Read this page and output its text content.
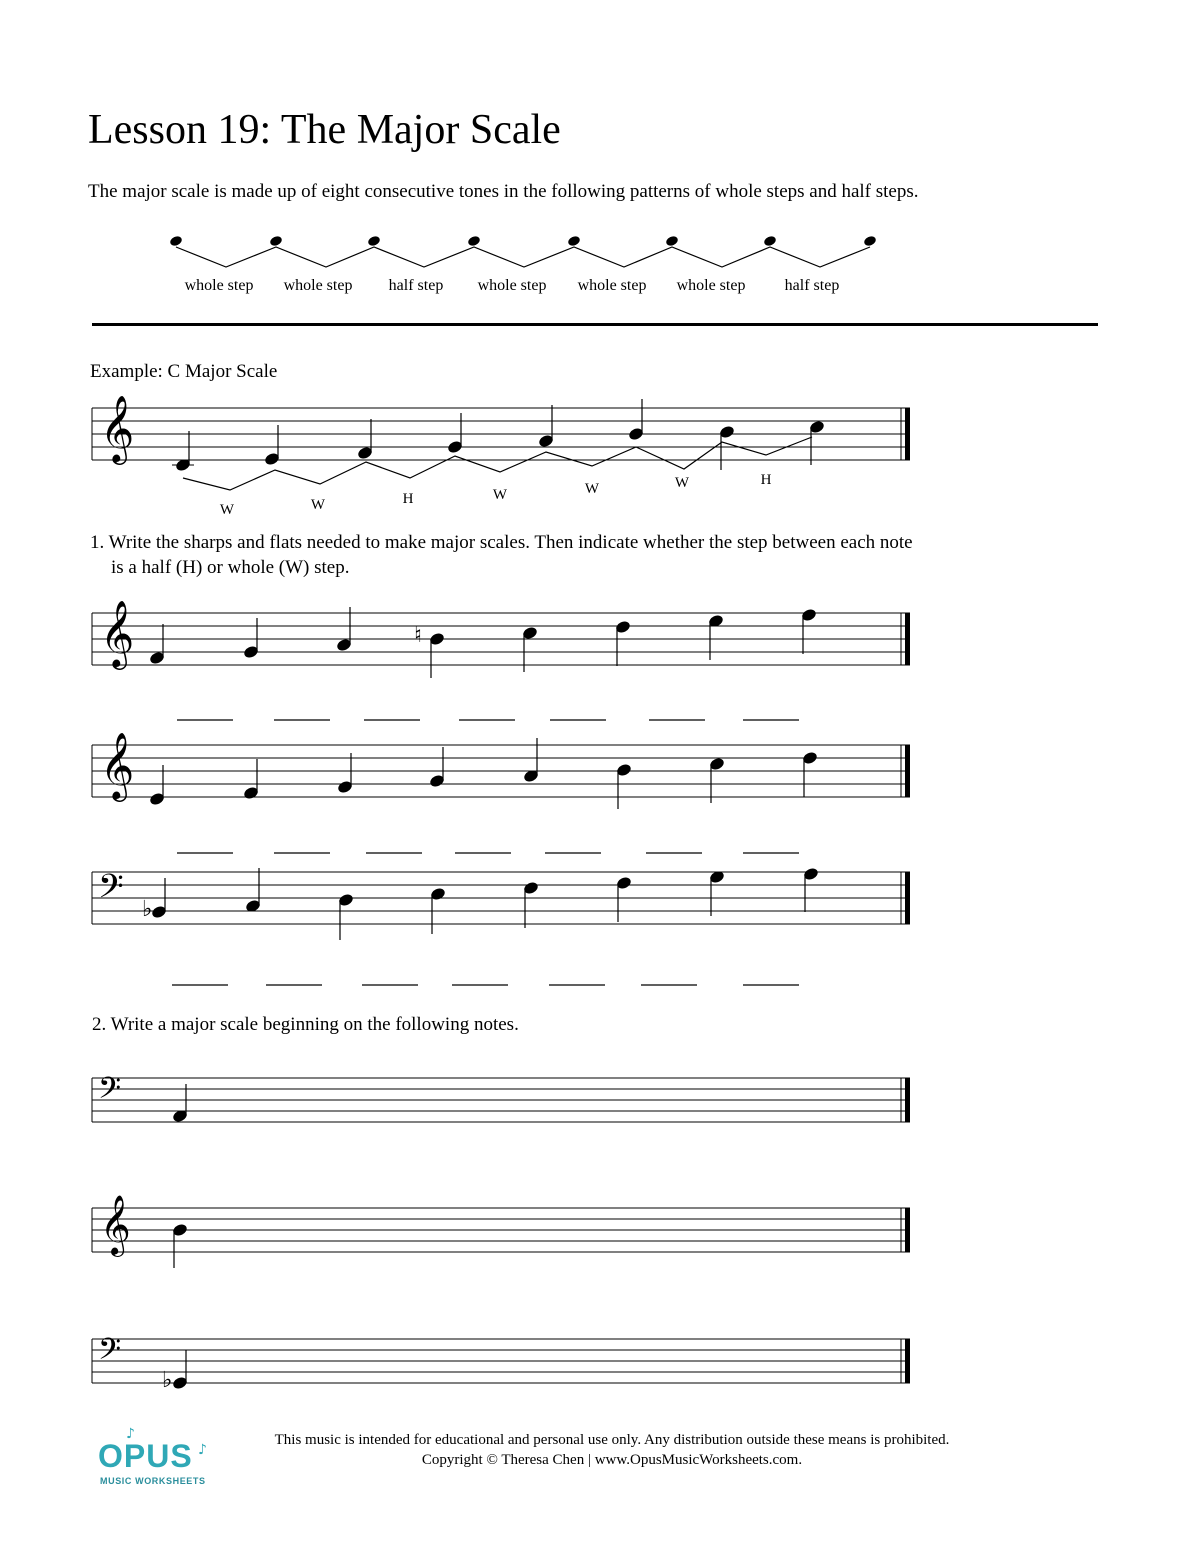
Lesson 19: The Major Scale
The major scale is made up of eight consecutive tones in the following patterns of whole steps and half steps.
𝄞
𝄞
𝄞
𝄢
𝄢
𝄞
𝄢
♮
♭
♭
whole step	whole step	half step	whole step	whole step	whole step	half step
Example: C Major Scale
W	W	H	W	W	W	H
1. Write the sharps and flats needed to make major scales. Then indicate whether the step between each note
is a half (H) or whole (W) step.
2. Write a major scale beginning on the following notes.
♪
OPUS ♪
MUSIC WORKSHEETS
This music is intended for educational and personal use only. Any distribution outside these means is prohibited.
Copyright © Theresa Chen | www.OpusMusicWorksheets.com.
